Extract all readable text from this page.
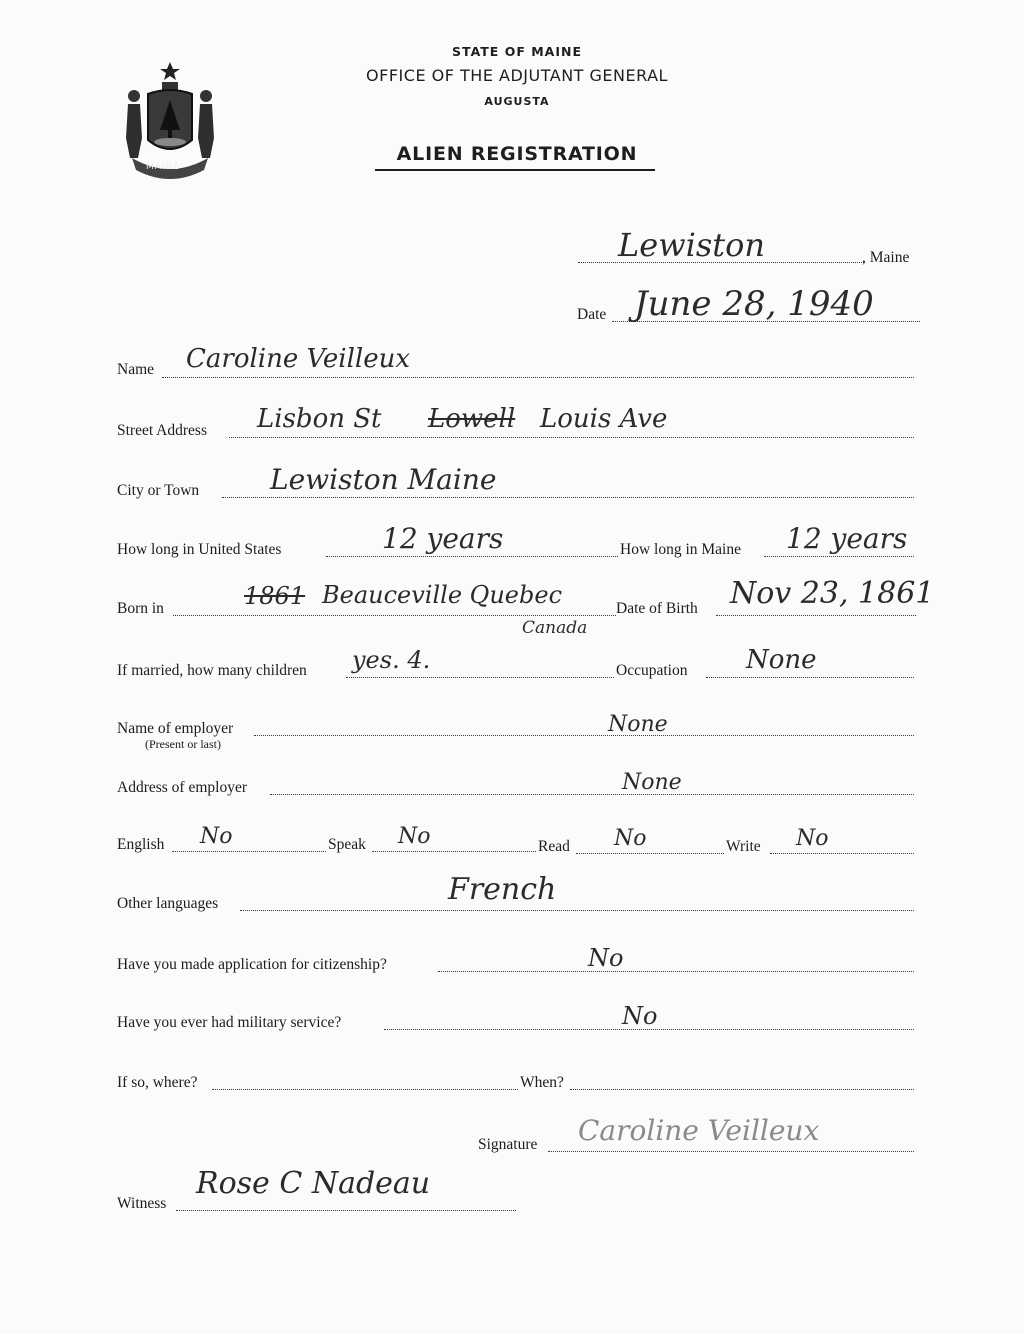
MAINE
STATE OF MAINE
OFFICE OF THE ADJUTANT GENERAL
AUGUSTA
ALIEN REGISTRATION
Lewiston	, Maine
Date June 28, 1940
Name Caroline Veilleux
Street Address Lisbon St Lowell Louis Ave
City or Town	Lewiston Maine
How long in United States	12 years	How long in Maine 12 years
Born in	1861 Beauceville Quebec
Canada
Date of Birth Nov 23, 1861
If married, how many children yes. 4.	Occupation None
Name of employer
(Present or last)
None
Address of employer	None
English No	Speak No	Read No	Write No
Other languages	French
Have you made application for citizenship?	No
Have you ever had military service?	No
If so, where?	When?
Signature Caroline Veilleux
Witness
Rose C Nadeau
